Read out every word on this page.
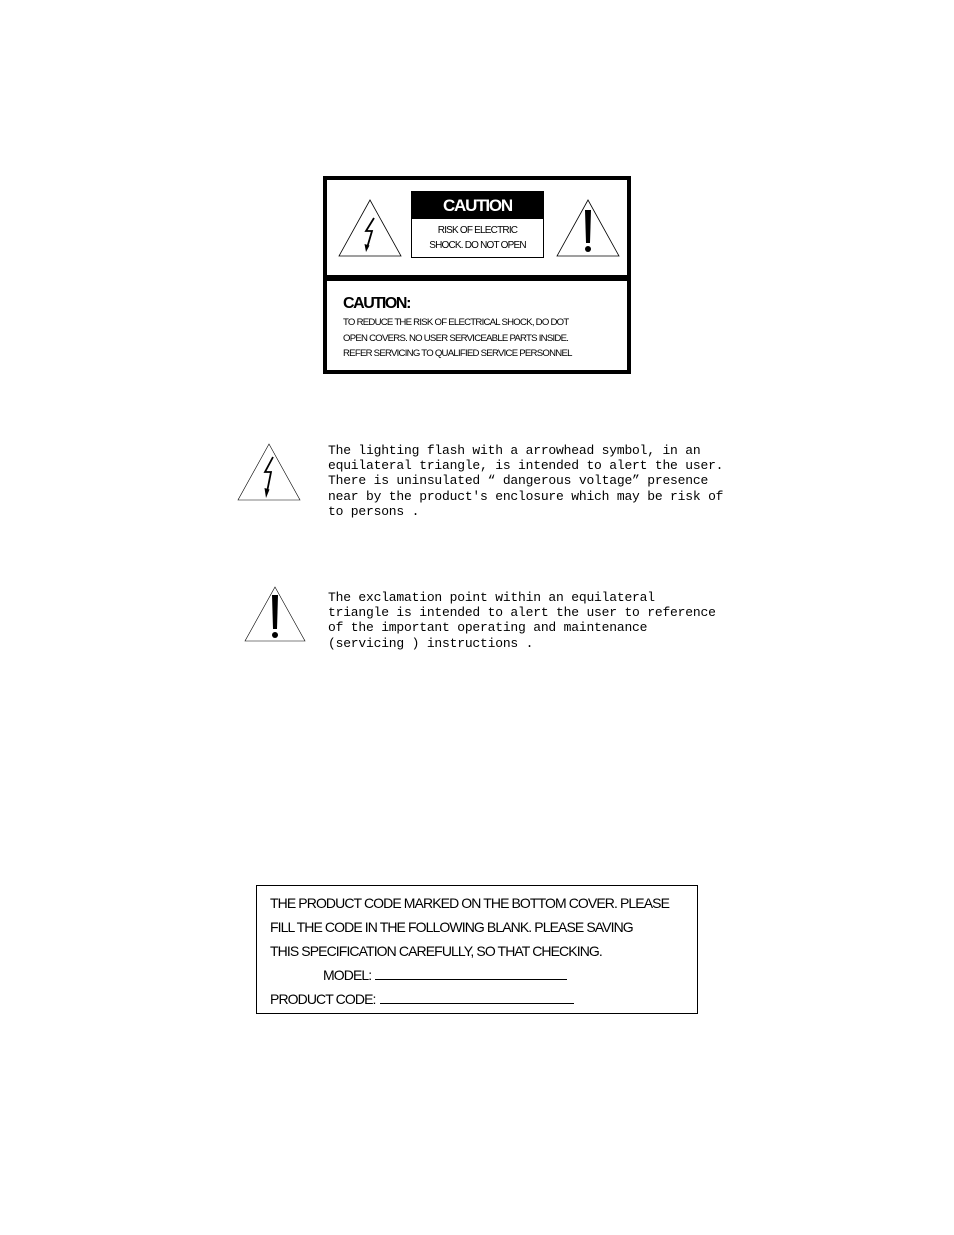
CAUTION
RISK OF ELECTRIC
SHOCK. DO NOT OPEN
CAUTION:
TO REDUCE THE RISK OF ELECTRICAL SHOCK, DO DOT
OPEN COVERS. NO USER SERVICEABLE PARTS INSIDE.
REFER SERVICING TO QUALIFIED SERVICE PERSONNEL
The lighting flash with a arrowhead symbol, in an
equilateral triangle, is intended to alert the user.
There is uninsulated “ dangerous voltage” presence
near by the product's enclosure which may be risk of
to persons .
The exclamation point within an equilateral
triangle is intended to alert the user to reference
of the important operating and maintenance
(servicing ) instructions .
THE PRODUCT CODE MARKED ON THE BOTTOM COVER. PLEASE
FILL THE CODE IN THE FOLLOWING BLANK. PLEASE SAVING
THIS SPECIFICATION CAREFULLY, SO THAT CHECKING.
MODEL:
PRODUCT CODE:
